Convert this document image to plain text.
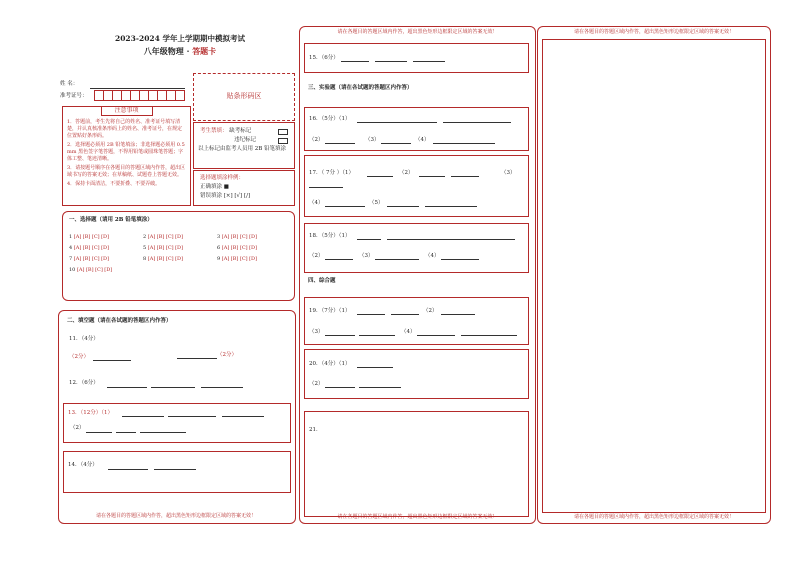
2023-2024 学年上学期期中模拟考试
八年级物理 · 答题卡
姓 名：
准考证号：	贴条形码区
注意事项
1．答题前，考生先将自己的姓名、准考证号填写清楚，并认真核准条形码上的姓名、准考证号，在规定位置贴好条形码。
2．选择题必须用 2B 铅笔填涂；非选择题必须用 0.5 mm 黑色签字笔答题，不得用铅笔或圆珠笔答题；字体工整、笔迹清晰。
3．请按题号顺序在各题目的答题区域内作答，超出区域书写的答案无效；在草稿纸、试题卷上答题无效。
4．保持卡面清洁，不要折叠、不要弄破。
考生禁填： 缺考标记
违纪标记
以上标记由监考人员用 2B 铅笔填涂
选择题填涂样例：
正确填涂 ■
错误填涂 [×] [√] [/]
一、选择题（请用 2B 铅笔填涂）
1 [A] [B] [C] [D]	2 [A] [B] [C] [D]	3 [A] [B] [C] [D]
4 [A] [B] [C] [D]	5 [A] [B] [C] [D]	6 [A] [B] [C] [D]
7 [A] [B] [C] [D]	8 [A] [B] [C] [D]	9 [A] [B] [C] [D]
10 [A] [B] [C] [D]
二、填空题（请在各试题的答题区内作答）
11．（4分）
（2分）	（2分）
12．（6分）
13．（12分）（1）
（2）
14．（4分）
请在各题目的答题区域内作答，超出黑色矩形边框限定区域的答案无效！
请在各题目的答题区域内作答，超出黑色矩形边框限定区域的答案无效！
15．（6分）
三、实验题（请在各试题的答题区内作答）
16．（5分）（1）
（2）	（3）	（4）
17．（ 7分 ）（1）	（2）	（3）
（4）	（5）
18．（5分）（1）
（2）	（3）	（4）
四、综合题
19．（7分）（1）	（2）
（3）	（4）
20．（4分）（1）
（2）
21．
请在各题目的答题区域内作答，超出黑色矩形边框限定区域的答案无效！
请在各题目的答题区域内作答，超出黑色矩形边框限定区域的答案无效！
请在各题目的答题区域内作答，超出黑色矩形边框限定区域的答案无效！
